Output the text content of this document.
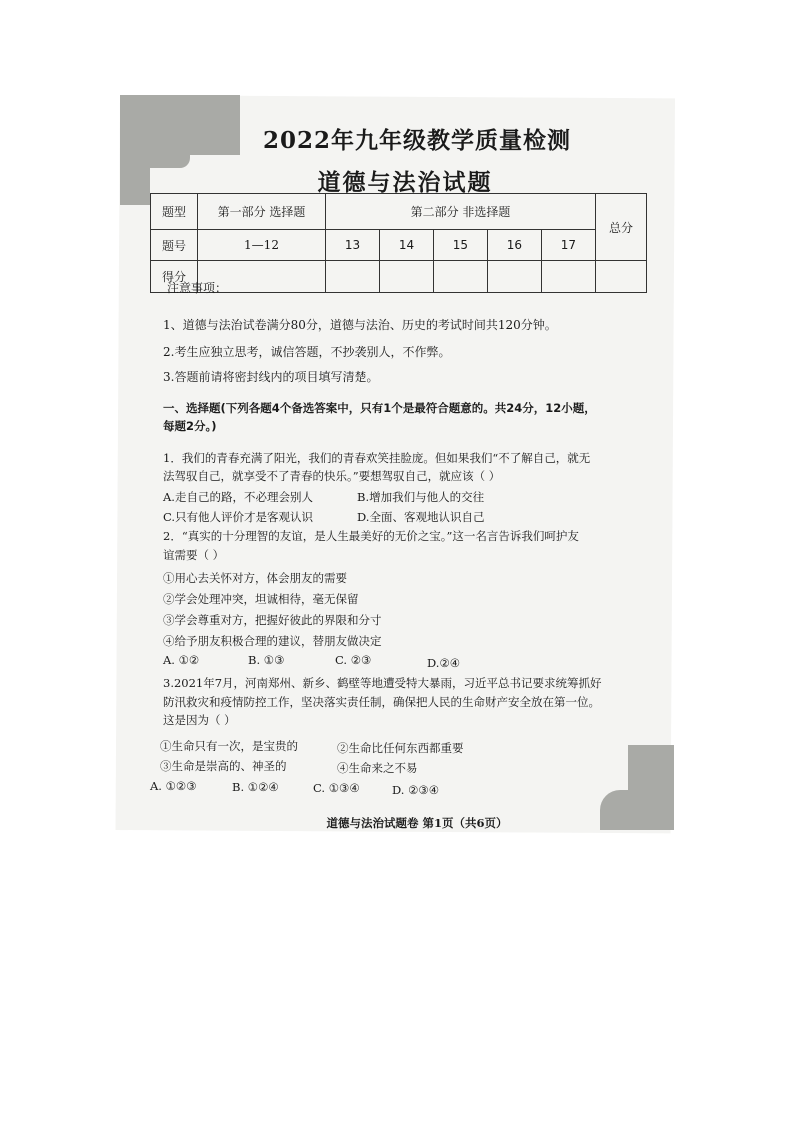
2022年九年级教学质量检测
道德与法治试题
题型	第一部分 选择题	第二部分 非选择题					总分
题号	1—12	13	14	15	16	17	
得分							
注意事项：
1、道德与法治试卷满分80分，道德与法治、历史的考试时间共120分钟。
2.考生应独立思考，诚信答题，不抄袭别人，不作弊。
3.答题前请将密封线内的项目填写清楚。
一、选择题(下列各题4个备选答案中，只有1个是最符合题意的。共24分，12小题，
每题2分。)
1．我们的青春充满了阳光，我们的青春欢笑挂脸庞。但如果我们“不了解自己，就无
法驾驭自己，就享受不了青春的快乐。”要想驾驭自己，就应该（ ）
A.走自己的路，不必理会别人	B.增加我们与他人的交往
C.只有他人评价才是客观认识	D.全面、客观地认识自己
2．“真实的十分理智的友谊，是人生最美好的无价之宝。”这一名言告诉我们呵护友
谊需要（ ）
①用心去关怀对方，体会朋友的需要
②学会处理冲突，坦诚相待，毫无保留
③学会尊重对方，把握好彼此的界限和分寸
④给予朋友积极合理的建议，替朋友做决定
A. ①②	B. ①③	C. ②③	D.②④
3.2021年7月，河南郑州、新乡、鹤壁等地遭受特大暴雨，习近平总书记要求统筹抓好
防汛救灾和疫情防控工作，坚决落实责任制，确保把人民的生命财产安全放在第一位。
这是因为（ ）
①生命只有一次，是宝贵的	②生命比任何东西都重要
③生命是崇高的、神圣的	④生命来之不易
A. ①②③	B. ①②④	C. ①③④	D. ②③④
道德与法治试题卷 第1页（共6页）
